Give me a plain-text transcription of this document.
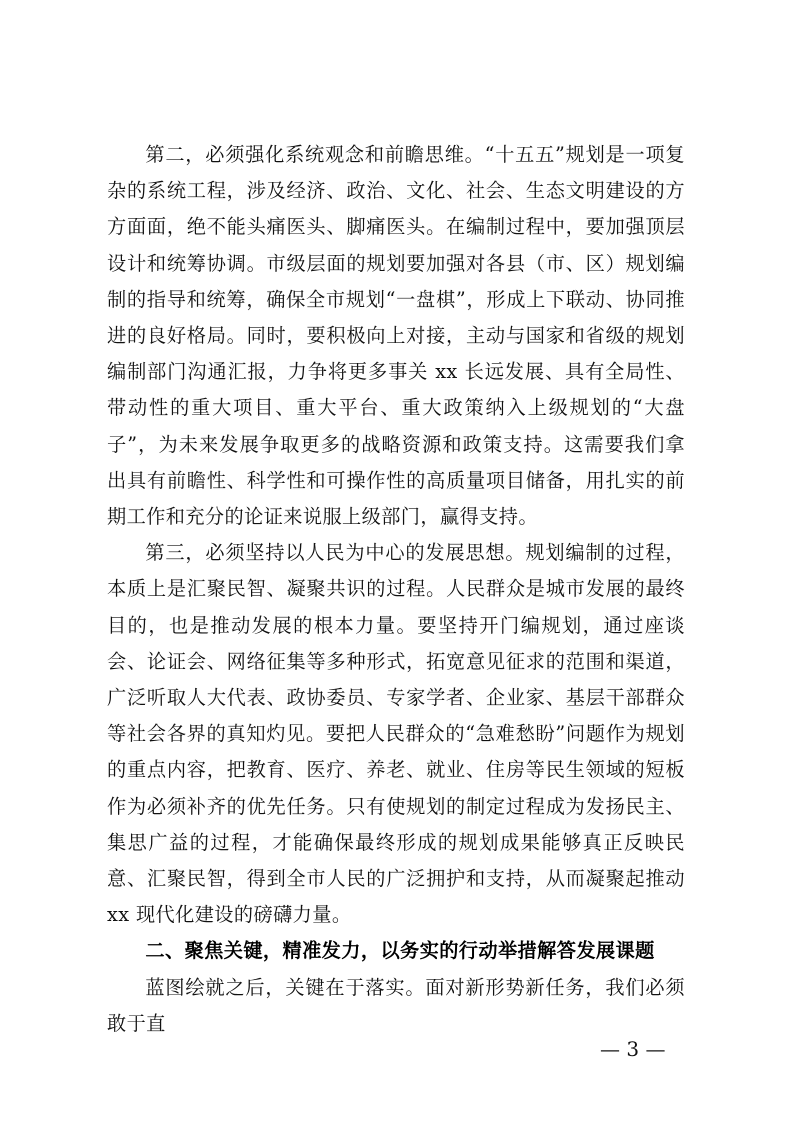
第二，必须强化系统观念和前瞻思维。“十五五”规划是一项复杂的系统工程，涉及经济、政治、文化、社会、生态文明建设的方方面面，绝不能头痛医头、脚痛医头。在编制过程中，要加强顶层设计和统筹协调。市级层面的规划要加强对各县（市、区）规划编制的指导和统筹，确保全市规划“一盘棋”，形成上下联动、协同推进的良好格局。同时，要积极向上对接，主动与国家和省级的规划编制部门沟通汇报，力争将更多事关 xx 长远发展、具有全局性、带动性的重大项目、重大平台、重大政策纳入上级规划的“大盘子”，为未来发展争取更多的战略资源和政策支持。这需要我们拿出具有前瞻性、科学性和可操作性的高质量项目储备，用扎实的前期工作和充分的论证来说服上级部门，赢得支持。

第三，必须坚持以人民为中心的发展思想。规划编制的过程，本质上是汇聚民智、凝聚共识的过程。人民群众是城市发展的最终目的，也是推动发展的根本力量。要坚持开门编规划，通过座谈会、论证会、网络征集等多种形式，拓宽意见征求的范围和渠道，广泛听取人大代表、政协委员、专家学者、企业家、基层干部群众等社会各界的真知灼见。要把人民群众的“急难愁盼”问题作为规划的重点内容，把教育、医疗、养老、就业、住房等民生领域的短板作为必须补齐的优先任务。只有使规划的制定过程成为发扬民主、集思广益的过程，才能确保最终形成的规划成果能够真正反映民意、汇聚民智，得到全市人民的广泛拥护和支持，从而凝聚起推动 xx 现代化建设的磅礴力量。

二、聚焦关键，精准发力，以务实的行动举措解答发展课题

蓝图绘就之后，关键在于落实。面对新形势新任务，我们必须敢于直

— 3 —
